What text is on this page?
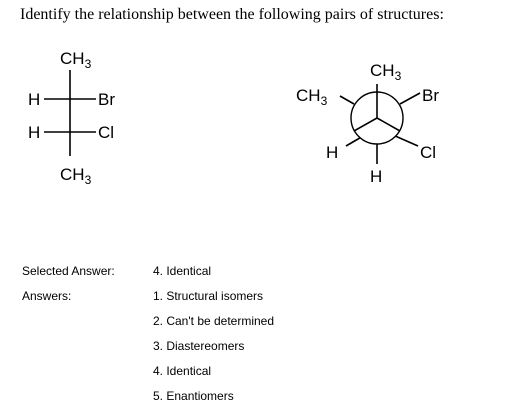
Identify the relationship between the following pairs of structures:
$CH_3$
H	Br
H	Cl
$CH_3$
$CH_3$
$CH_3$	Br
H	Cl
H
Selected Answer:	4. Identical
Answers:	1. Structural isomers
2. Can't be determined
3. Diastereomers
4. Identical
5. Enantiomers
